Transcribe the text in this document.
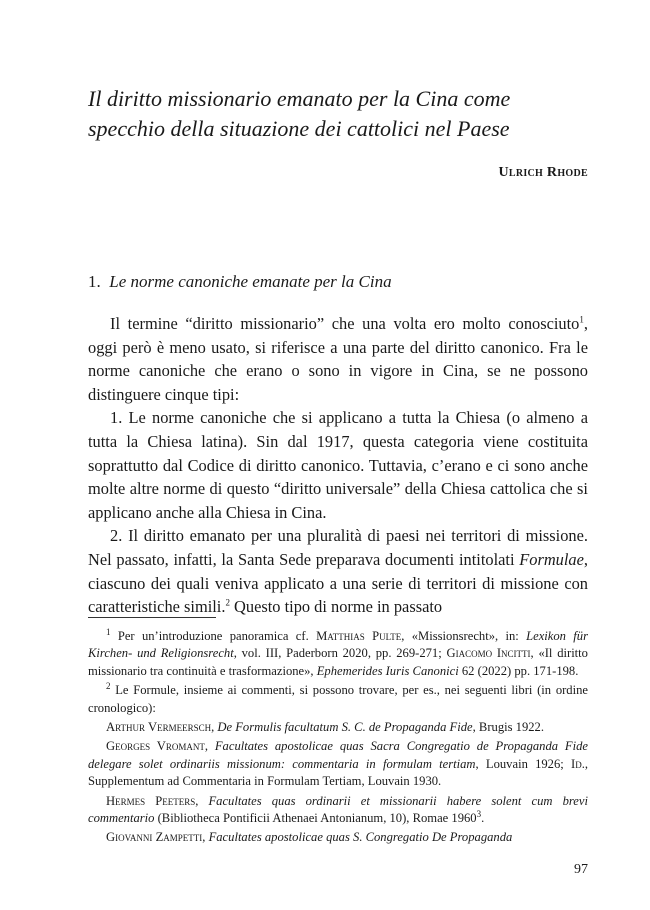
Il diritto missionario emanato per la Cina come specchio della situazione dei cattolici nel Paese
Ulrich Rhode
1. Le norme canoniche emanate per la Cina

Il termine “diritto missionario” che una volta ero molto conosciuto$^1$, oggi però è meno usato, si riferisce a una parte del diritto canonico. Fra le norme canoniche che erano o sono in vigore in Cina, se ne possono distinguere cinque tipi:

1. Le norme canoniche che si applicano a tutta la Chiesa (o almeno a tutta la Chiesa latina). Sin dal 1917, questa categoria viene costituita soprattutto dal Codice di diritto canonico. Tuttavia, c’erano e ci sono anche molte altre norme di questo “diritto universale” della Chiesa cattolica che si applicano anche alla Chiesa in Cina.

2. Il diritto emanato per una pluralità di paesi nei territori di missione. Nel passato, infatti, la Santa Sede preparava documenti intitolati Formulae, ciascuno dei quali veniva applicato a una serie di territori di missione con caratteristiche simili.$^2$ Questo tipo di norme in passato

$^1$ Per un’introduzione panoramica cf. Matthias Pulte, «Missionsrecht», in: Lexikon für Kirchen- und Religionsrecht, vol. III, Paderborn 2020, pp. 269-271; Giacomo Incitti, «Il diritto missionario tra continuità e trasformazione», Ephemerides Iuris Canonici 62 (2022) pp. 171-198.

$^2$ Le Formule, insieme ai commenti, si possono trovare, per es., nei seguenti libri (in ordine cronologico):

Arthur Vermeersch, De Formulis facultatum S. C. de Propaganda Fide, Brugis 1922.

Georges Vromant, Facultates apostolicae quas Sacra Congregatio de Propaganda Fide delegare solet ordinariis missionum: commentaria in formulam tertiam, Louvain 1926; Id., Supplementum ad Commentaria in Formulam Tertiam, Louvain 1930.

Hermes Peeters, Facultates quas ordinarii et missionarii habere solent cum brevi commentario (Bibliotheca Pontificii Athenaei Antonianum, 10), Romae 1960$^3$.

Giovanni Zampetti, Facultates apostolicae quas S. Congregatio De Propaganda

97
